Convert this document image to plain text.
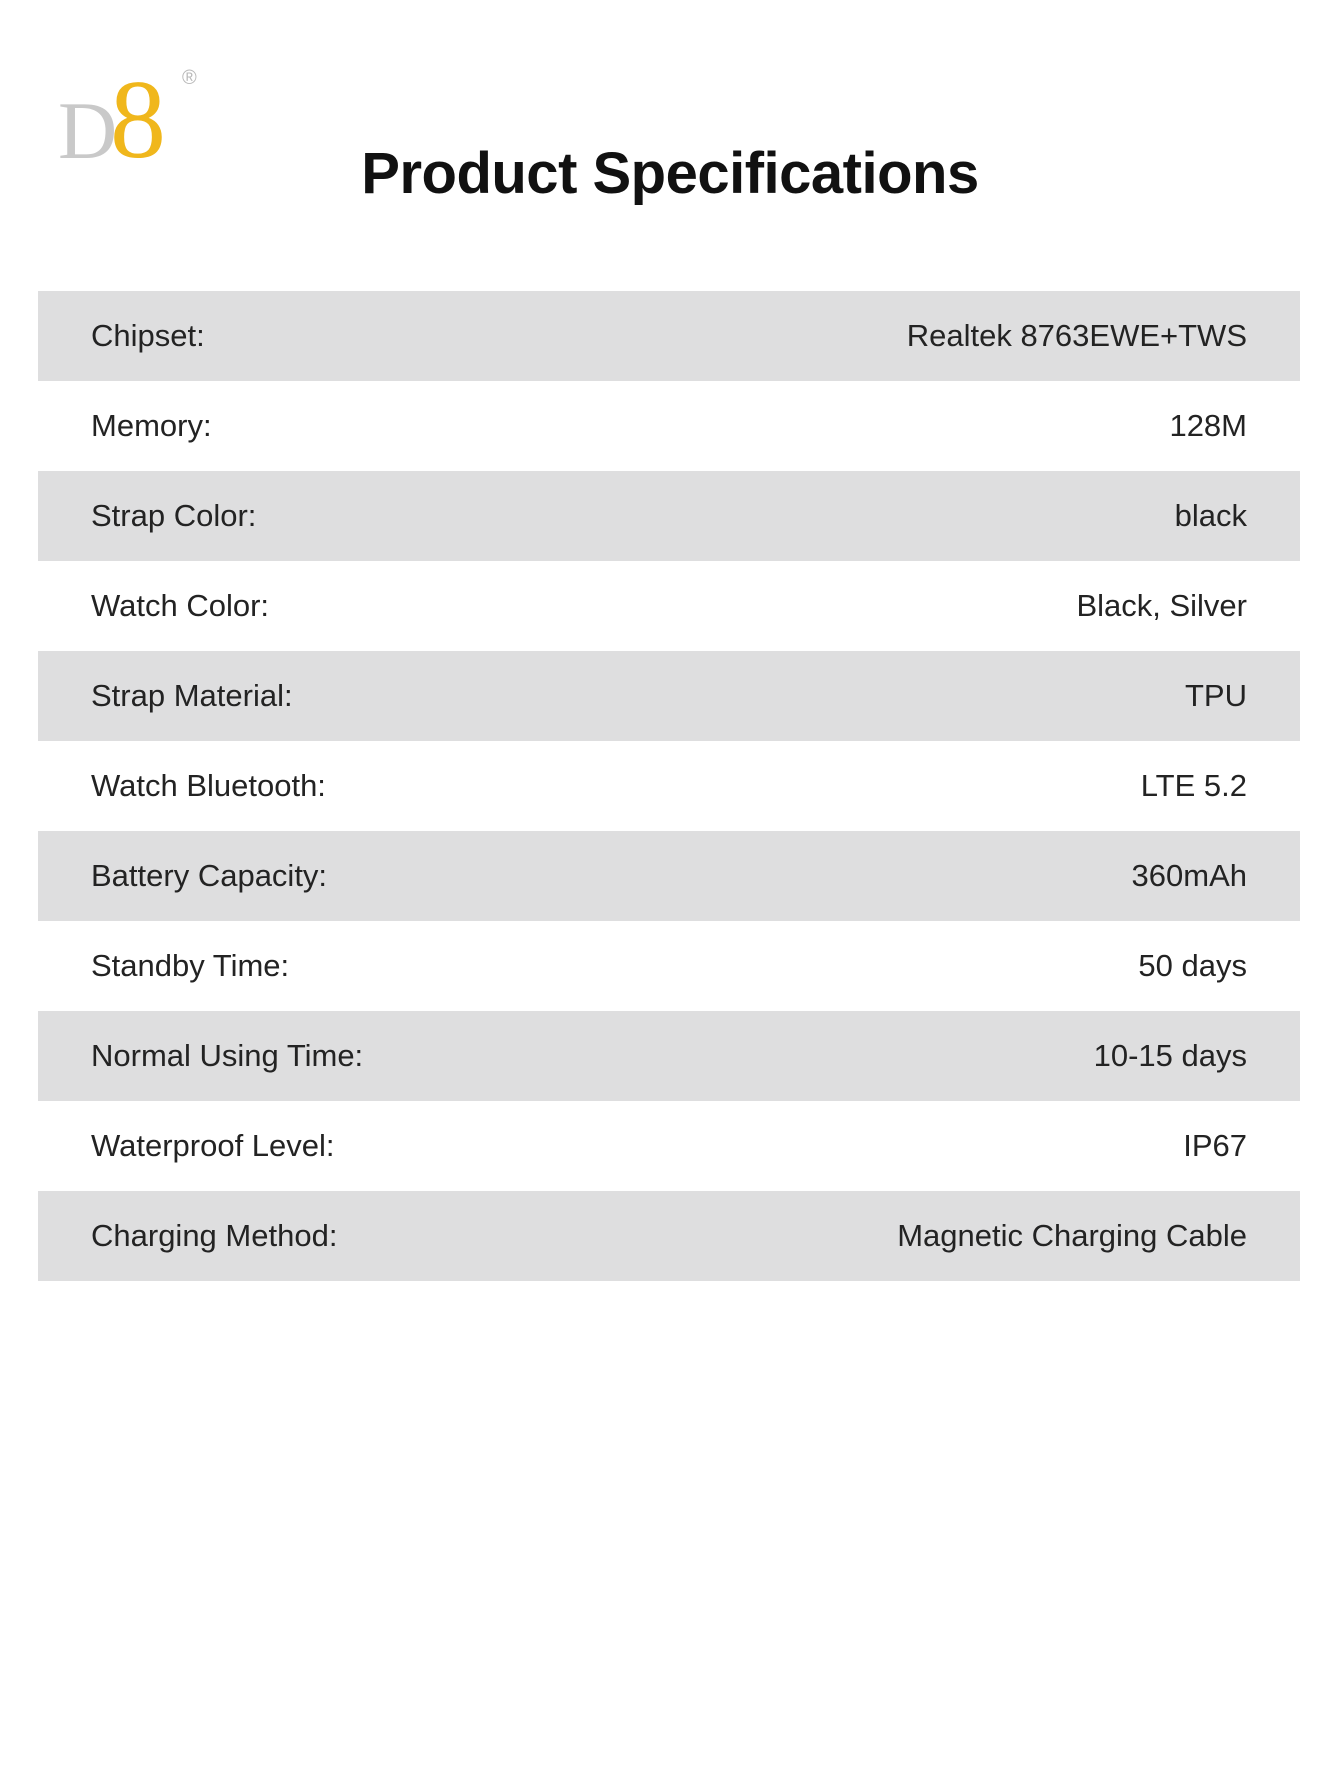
D
8 ®
Product Specifications
Chipset:	Realtek 8763EWE+TWS
Memory:	128M
Strap Color:	black
Watch Color:	Black, Silver
Strap Material:	TPU
Watch Bluetooth:	LTE 5.2
Battery Capacity:	360mAh
Standby Time:	50 days
Normal Using Time:	10-15 days
Waterproof Level:	IP67
Charging Method:	Magnetic Charging Cable
